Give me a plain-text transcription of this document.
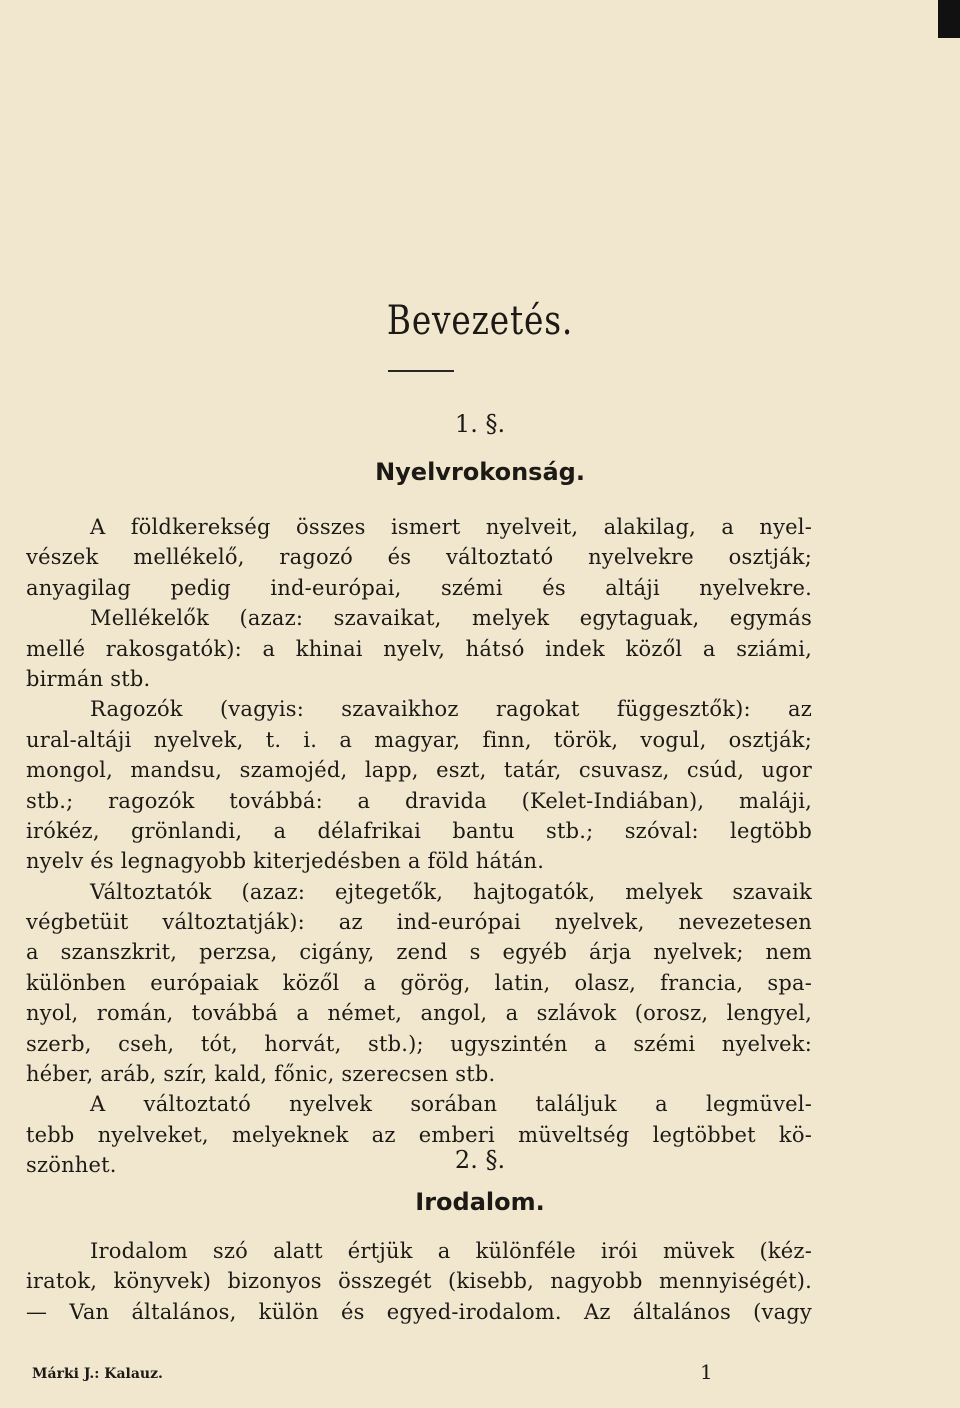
Bevezetés.
1. §.
Nyelvrokonság.
A földkerekség összes ismert nyelveit, alakilag, a nyel-
vészek mellékelő, ragozó és változtató nyelvekre osztják;
anyagilag pedig ind-európai, szémi és altáji nyelvekre.
Mellékelők (azaz: szavaikat, melyek egytaguak, egymás
mellé rakosgatók): a khinai nyelv, hátsó indek közől a sziámi,
birmán stb.
Ragozók (vagyis: szavaikhoz ragokat függesztők): az
ural-altáji nyelvek, t. i. a magyar, finn, török, vogul, osztják;
mongol, mandsu, szamojéd, lapp, eszt, tatár, csuvasz, csúd, ugor
stb.; ragozók továbbá: a dravida (Kelet-Indiában), maláji,
irókéz, grönlandi, a délafrikai bantu stb.; szóval: legtöbb
nyelv és legnagyobb kiterjedésben a föld hátán.
Változtatók (azaz: ejtegetők, hajtogatók, melyek szavaik
végbetüit változtatják): az ind-európai nyelvek, nevezetesen
a szanszkrit, perzsa, cigány, zend s egyéb árja nyelvek; nem
különben európaiak közől a görög, latin, olasz, francia, spa-
nyol, román, továbbá a német, angol, a szlávok (orosz, lengyel,
szerb, cseh, tót, horvát, stb.); ugyszintén a szémi nyelvek:
héber, aráb, szír, kald, főnic, szerecsen stb.
A változtató nyelvek sorában találjuk a legmüvel-
tebb nyelveket, melyeknek az emberi müveltség legtöbbet kö-
szönhet.	2. §.
Irodalom.
Irodalom szó alatt értjük a különféle irói müvek (kéz-
iratok, könyvek) bizonyos összegét (kisebb, nagyobb mennyiségét).
— Van általános, külön és egyed-irodalom. Az általános (vagy
Márki J.: Kalauz.	1
